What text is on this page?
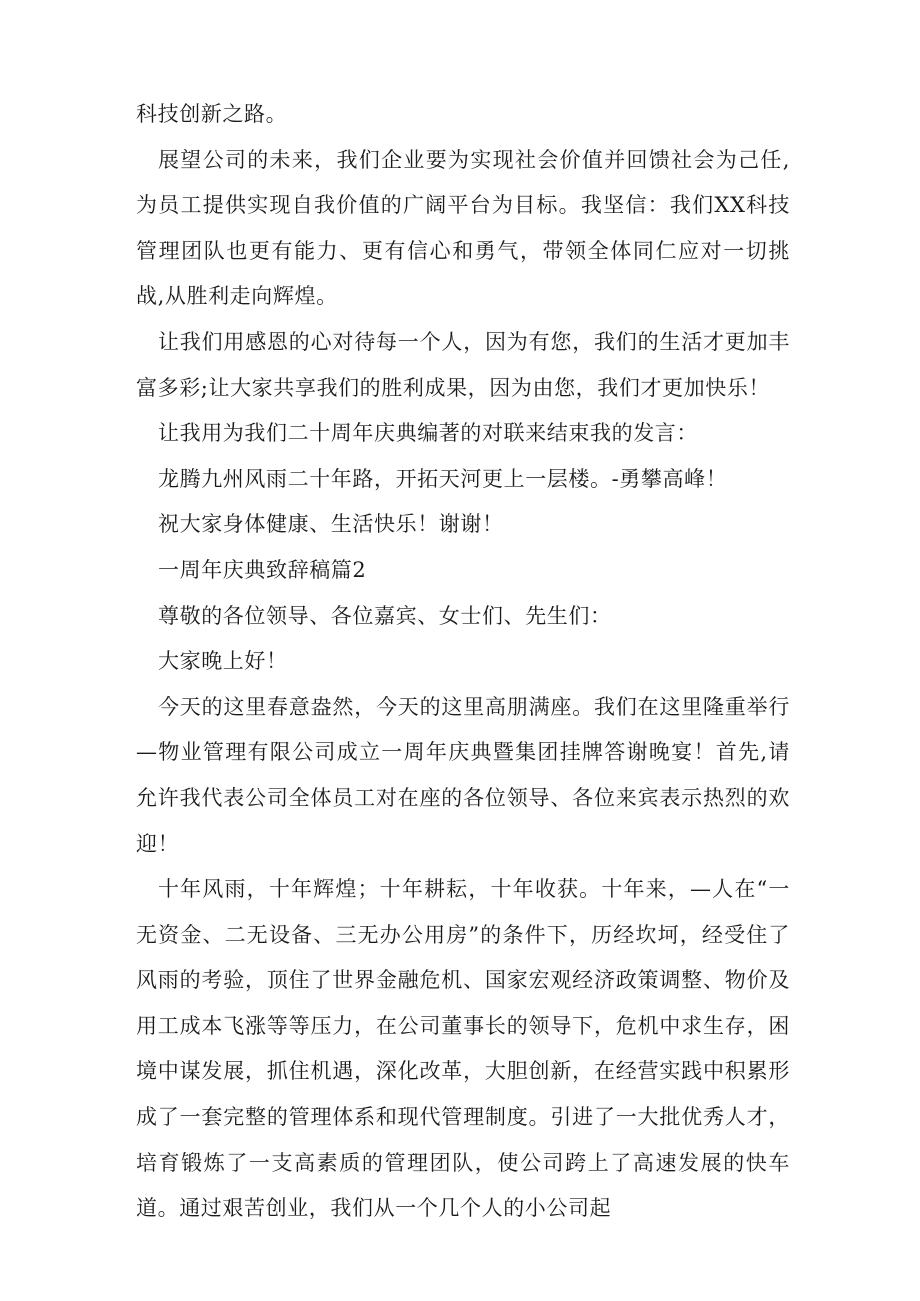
科技创新之路。

展望公司的未来，我们企业要为实现社会价值并回馈社会为己任,为员工提供实现自我价值的广阔平台为目标。我坚信：我们XX科技管理团队也更有能力、更有信心和勇气，带领全体同仁应对一切挑战,从胜利走向辉煌。

让我们用感恩的心对待每一个人，因为有您，我们的生活才更加丰富多彩;让大家共享我们的胜利成果，因为由您，我们才更加快乐！

让我用为我们二十周年庆典编著的对联来结束我的发言：

龙腾九州风雨二十年路，开拓天河更上一层楼。-勇攀高峰！

祝大家身体健康、生活快乐！谢谢！

一周年庆典致辞稿篇2

尊敬的各位领导、各位嘉宾、女士们、先生们：

大家晚上好！

今天的这里春意盎然，今天的这里高朋满座。我们在这里隆重举行—物业管理有限公司成立一周年庆典暨集团挂牌答谢晚宴！首先,请允许我代表公司全体员工对在座的各位领导、各位来宾表示热烈的欢迎！

十年风雨，十年辉煌；十年耕耘，十年收获。十年来，—人在“一无资金、二无设备、三无办公用房”的条件下，历经坎坷，经受住了风雨的考验，顶住了世界金融危机、国家宏观经济政策调整、物价及用工成本飞涨等等压力，在公司董事长的领导下，危机中求生存，困境中谋发展，抓住机遇，深化改革，大胆创新，在经营实践中积累形成了一套完整的管理体系和现代管理制度。引进了一大批优秀人才，培育锻炼了一支高素质的管理团队，使公司跨上了高速发展的快车道。通过艰苦创业，我们从一个几个人的小公司起
